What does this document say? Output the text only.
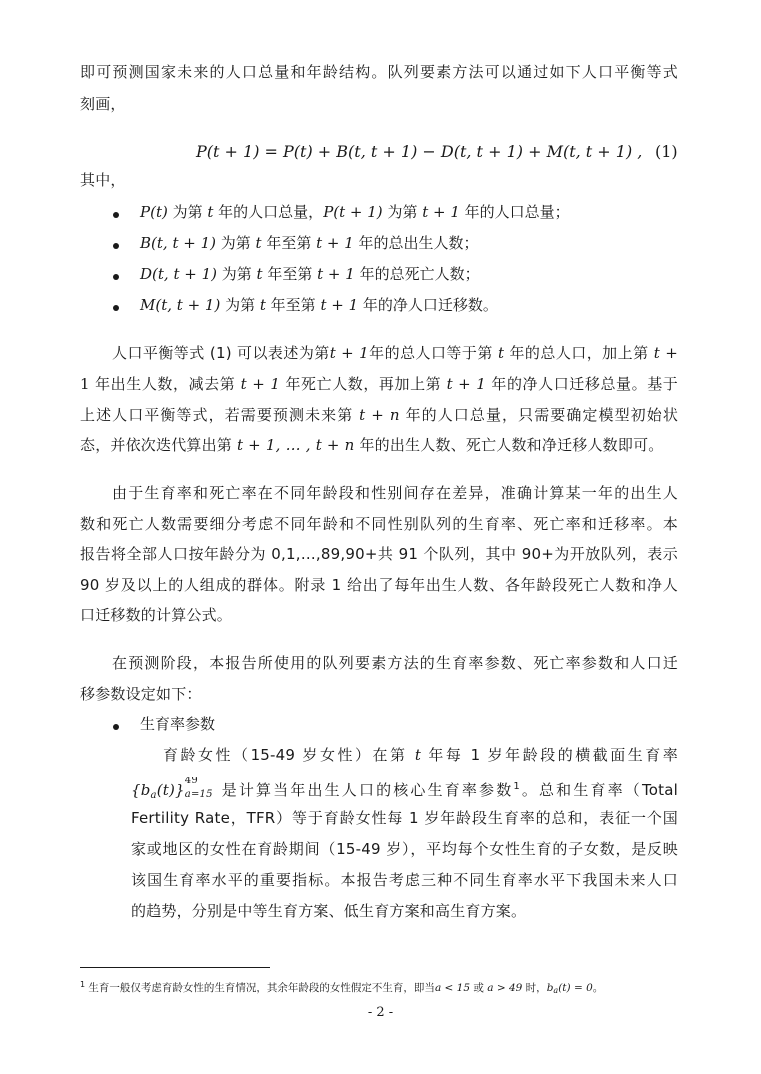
即可预测国家未来的人口总量和年龄结构。队列要素方法可以通过如下人口平衡等式
刻画，
P(t + 1) = P(t) + B(t, t + 1) − D(t, t + 1) + M(t, t + 1) , (1)
其中，
P(t) 为第 t 年的人口总量，P(t + 1) 为第 t + 1 年的人口总量；
B(t, t + 1) 为第 t 年至第 t + 1 年的总出生人数；
D(t, t + 1) 为第 t 年至第 t + 1 年的总死亡人数；
M(t, t + 1) 为第 t 年至第 t + 1 年的净人口迁移数。
人口平衡等式 (1) 可以表述为第t + 1年的总人口等于第 t 年的总人口，加上第 t +
1 年出生人数，减去第 t + 1 年死亡人数，再加上第 t + 1 年的净人口迁移总量。基于
上述人口平衡等式，若需要预测未来第 t + n 年的人口总量，只需要确定模型初始状
态，并依次迭代算出第 t + 1, … , t + n 年的出生人数、死亡人数和净迁移人数即可。
由于生育率和死亡率在不同年龄段和性别间存在差异，准确计算某一年的出生人
数和死亡人数需要细分考虑不同年龄和不同性别队列的生育率、死亡率和迁移率。本
报告将全部人口按年龄分为 0,1,…,89,90+共 91 个队列，其中 90+为开放队列，表示
90 岁及以上的人组成的群体。附录 1 给出了每年出生人数、各年龄段死亡人数和净人
口迁移数的计算公式。
在预测阶段，本报告所使用的队列要素方法的生育率参数、死亡率参数和人口迁
移参数设定如下：
生育率参数
育龄女性（15-49 岁女性）在第 t 年每 1 岁年龄段的横截面生育率
$\{b_a(t)\}$
49
a=15 是计算当年出生人口的核心生育率参数$^1$。总和生育率（Total
Fertility Rate，TFR）等于育龄女性每 1 岁年龄段生育率的总和，表征一个国
家或地区的女性在育龄期间（15-49 岁），平均每个女性生育的子女数，是反映
该国生育率水平的重要指标。本报告考虑三种不同生育率水平下我国未来人口
的趋势，分别是中等生育方案、低生育方案和高生育方案。
$^1$ 生育一般仅考虑育龄女性的生育情况，其余年龄段的女性假定不生育，即当a < 15 或 a > 49 时，ba(t) = 0。
- 2 -
